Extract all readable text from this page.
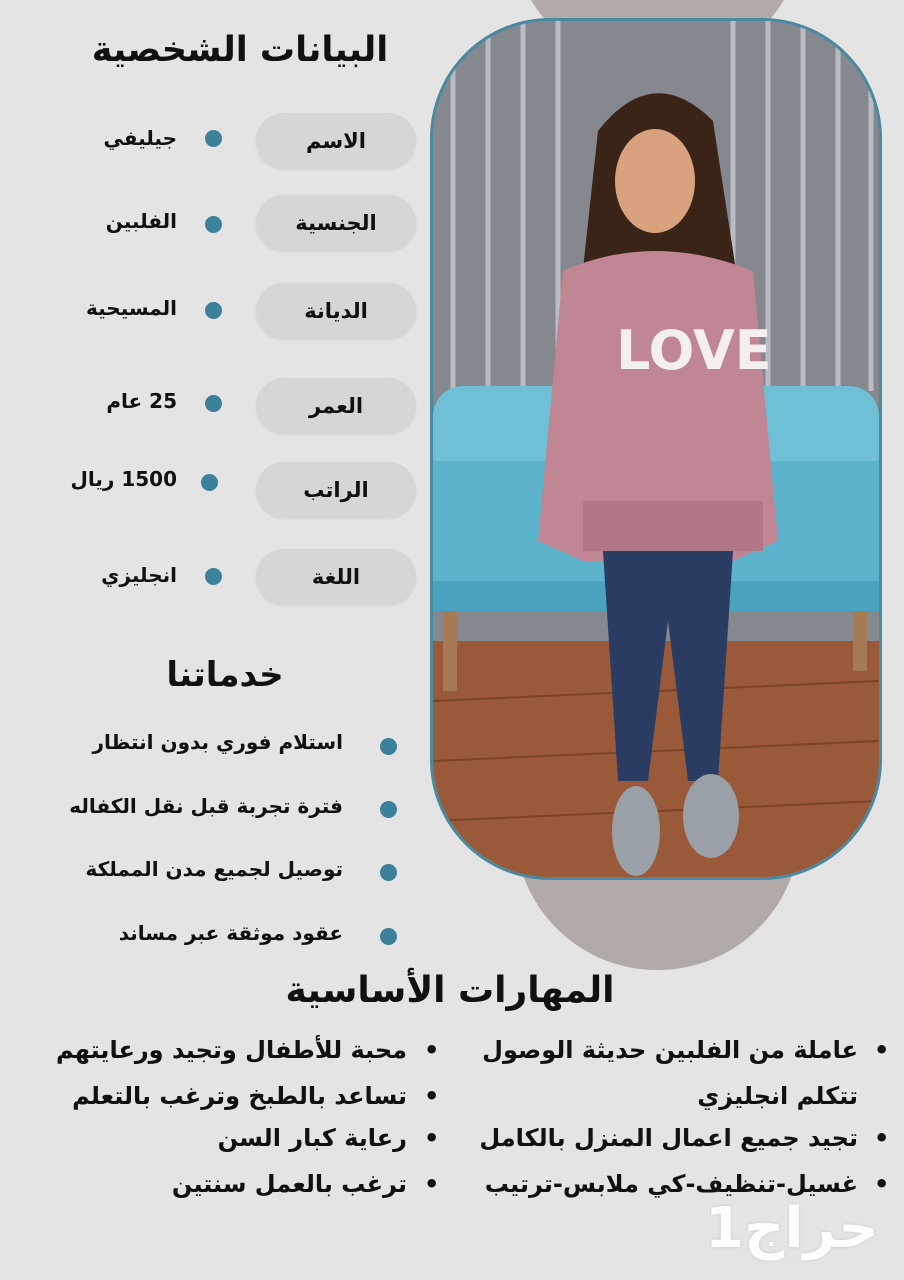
LOVE
البيانات الشخصية
الاسم
جيليفي
الجنسية
الفلبين
الديانة
المسيحية
العمر
25 عام
الراتب
1500 ريال
اللغة
انجليزي
خدماتنا
استلام فوري بدون انتظار
فترة تجربة قبل نقل الكفاله
توصيل لجميع مدن المملكة
عقود موثقة عبر مساند
المهارات الأساسية
•
عاملة من الفلبين حديثة الوصول
تتكلم انجليزي
•
تجيد جميع اعمال المنزل بالكامل
•
غسيل-تنظيف-كي ملابس-ترتيب
•
محبة للأطفال وتجيد ورعايتهم
•
تساعد بالطبخ وترغب بالتعلم
•
رعاية كبار السن
•
ترغب بالعمل سنتين
حراج1
